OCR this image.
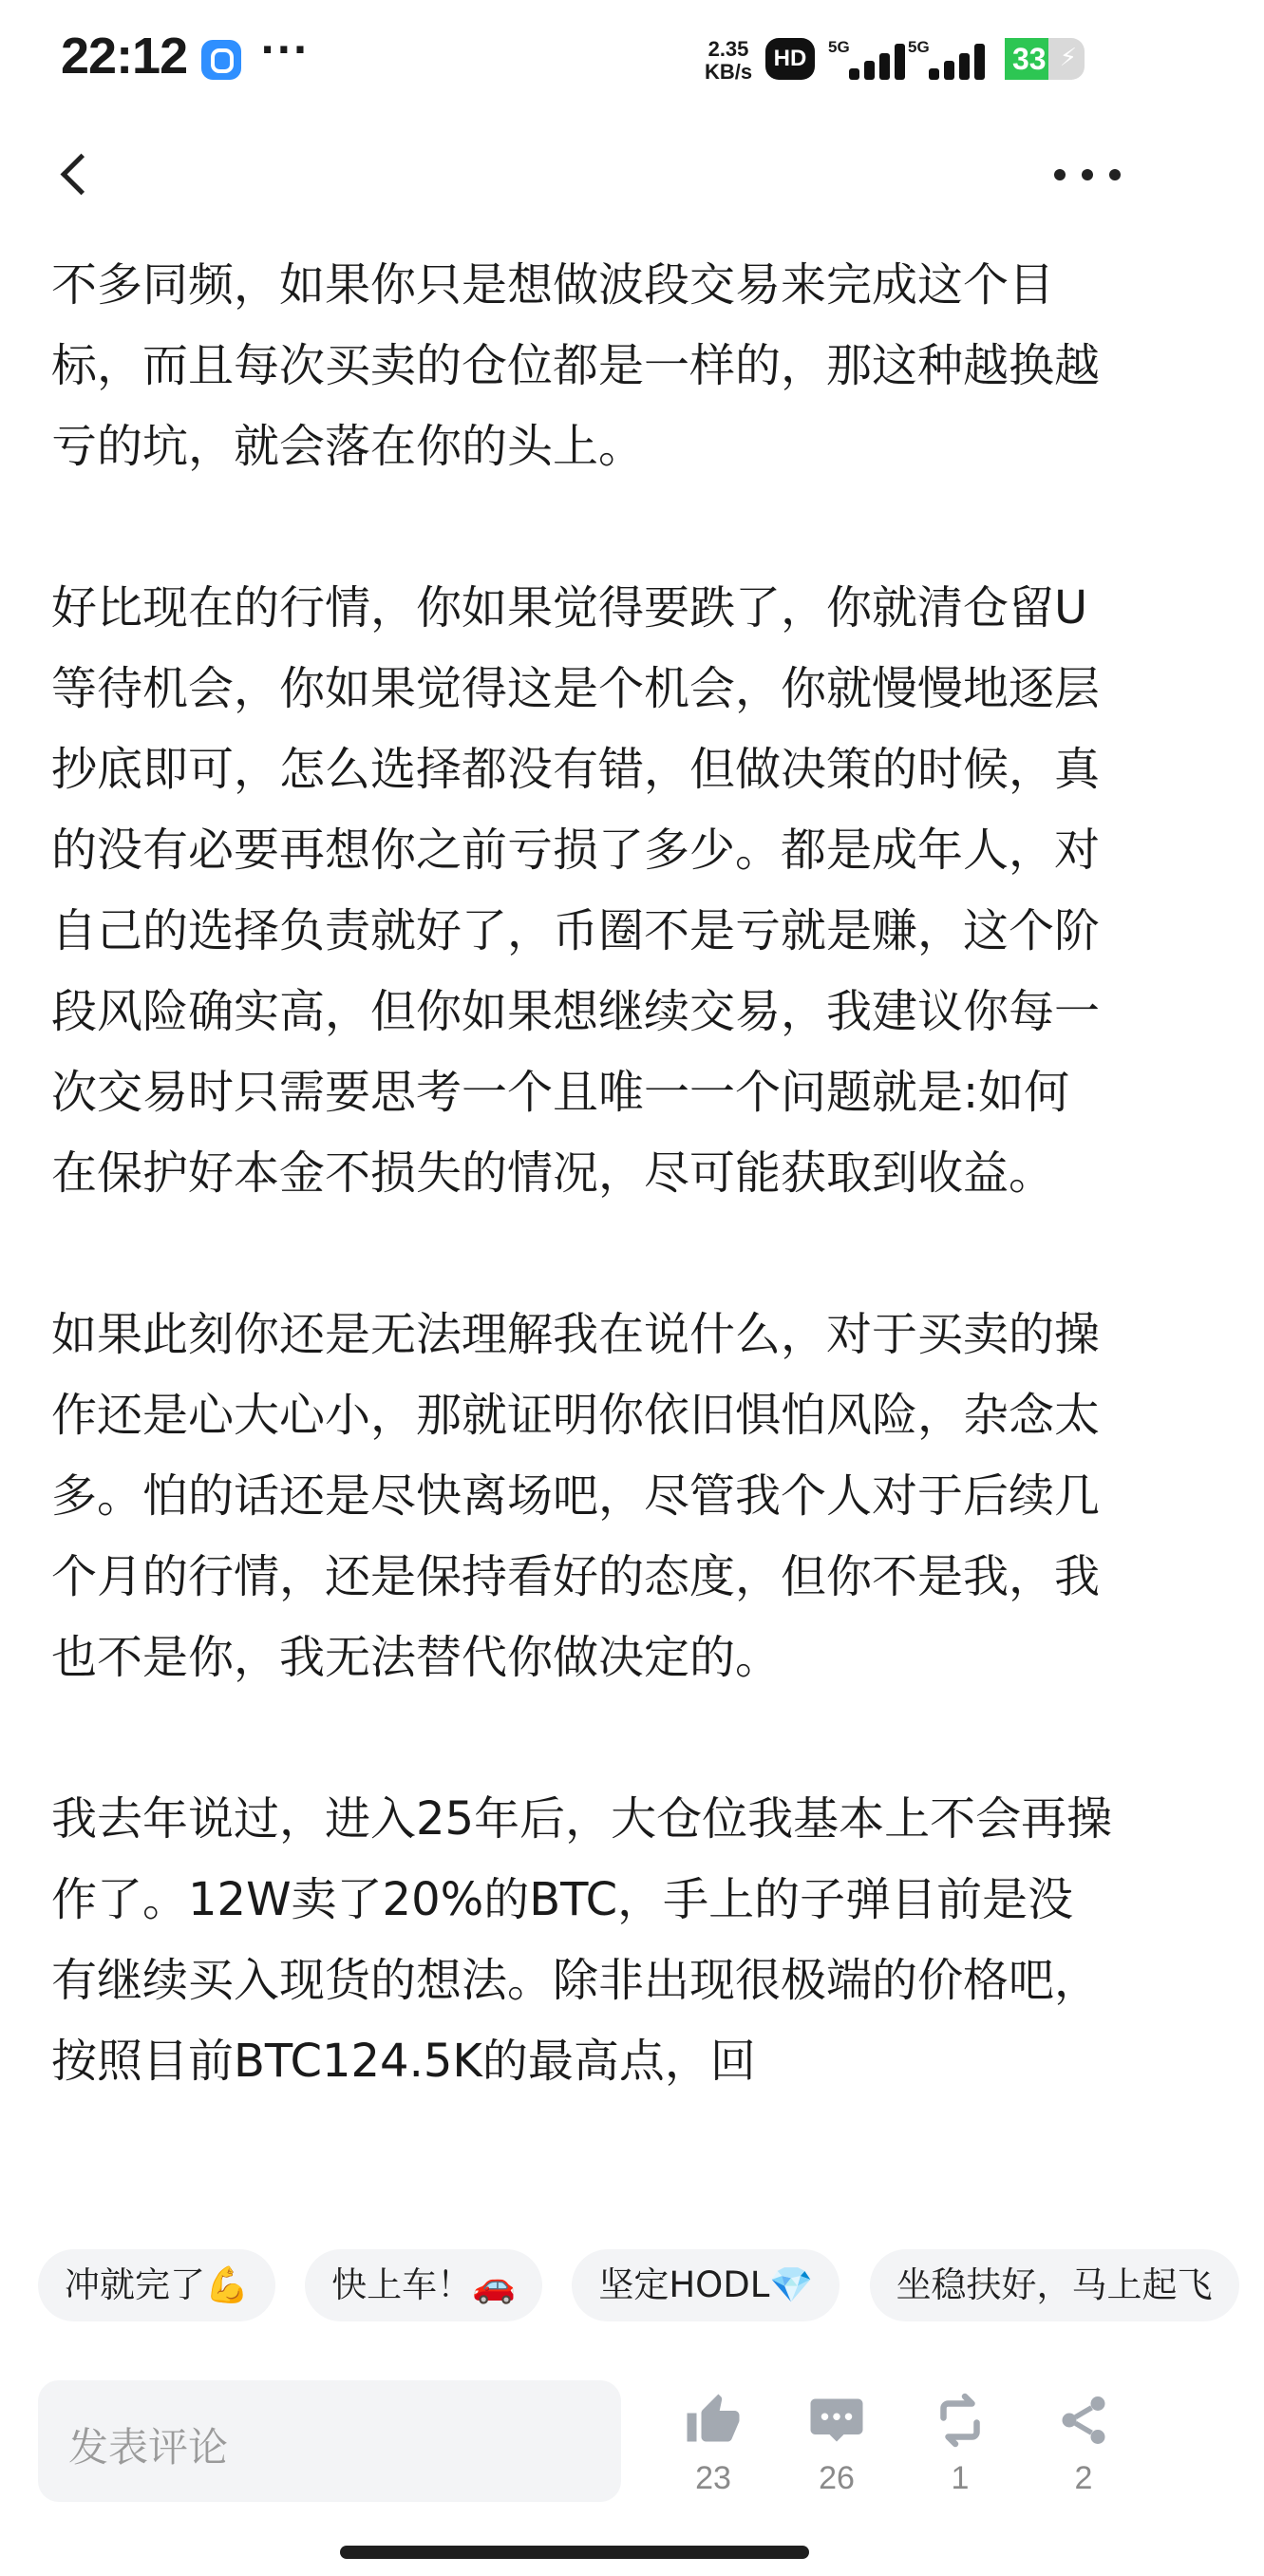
22:12 ···	2.35
KB/s
HD	5G	5G	33 ⚡

不多同频，如果你只是想做波段交易来完成这个目标，而且每次买卖的仓位都是一样的，那这种越换越亏的坑，就会落在你的头上。

好比现在的行情，你如果觉得要跌了，你就清仓留U等待机会，你如果觉得这是个机会，你就慢慢地逐层抄底即可，怎么选择都没有错，但做决策的时候，真的没有必要再想你之前亏损了多少。都是成年人，对自己的选择负责就好了，币圈不是亏就是赚，这个阶段风险确实高，但你如果想继续交易，我建议你每一次交易时只需要思考一个且唯一一个问题就是:如何在保护好本金不损失的情况，尽可能获取到收益。

如果此刻你还是无法理解我在说什么，对于买卖的操作还是心大心小，那就证明你依旧惧怕风险，杂念太多。怕的话还是尽快离场吧，尽管我个人对于后续几个月的行情，还是保持看好的态度，但你不是我，我也不是你，我无法替代你做决定的。

我去年说过，进入25年后，大仓位我基本上不会再操作了。12W卖了20%的BTC，手上的子弹目前是没有继续买入现货的想法。除非出现很极端的价格吧，按照目前BTC124.5K的最高点，回

冲就完了💪 快上车！🚗 坚定HODL💎 坐稳扶好，马上起飞
发表评论
23	26	1	2
